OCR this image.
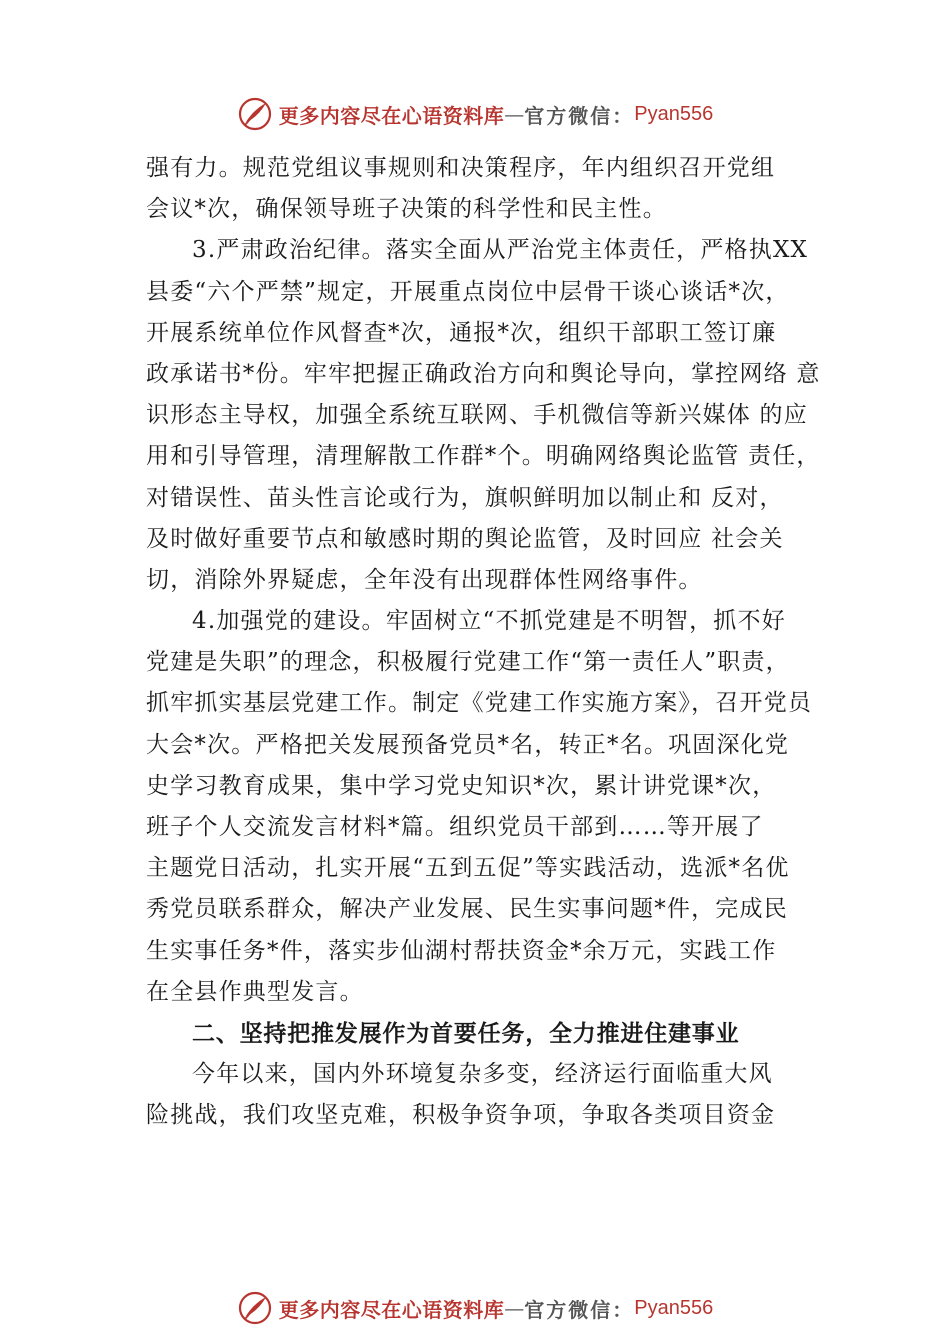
更多内容尽在心语资料库 — 官方微信： Pyan556
强有力。规范党组议事规则和决策程序，年内组织召开党组
会议*次，确保领导班子决策的科学性和民主性。
3.严肃政治纪律。落实全面从严治党主体责任，严格执XX
县委“六个严禁”规定，开展重点岗位中层骨干谈心谈话*次，
开展系统单位作风督查*次，通报*次，组织干部职工签订廉
政承诺书*份。牢牢把握正确政治方向和舆论导向，掌控网络 意
识形态主导权，加强全系统互联网、手机微信等新兴媒体 的应
用和引导管理，清理解散工作群*个。明确网络舆论监管 责任，
对错误性、苗头性言论或行为，旗帜鲜明加以制止和 反对，
及时做好重要节点和敏感时期的舆论监管，及时回应 社会关
切，消除外界疑虑，全年没有出现群体性网络事件。
4.加强党的建设。牢固树立“不抓党建是不明智，抓不好
党建是失职”的理念，积极履行党建工作“第一责任人”职责，
抓牢抓实基层党建工作。制定《党建工作实施方案》，召开党员
大会*次。严格把关发展预备党员*名，转正*名。巩固深化党
史学习教育成果，集中学习党史知识*次，累计讲党课*次，
班子个人交流发言材料*篇。组织党员干部到……等开展了
主题党日活动，扎实开展“五到五促”等实践活动，选派*名优
秀党员联系群众，解决产业发展、民生实事问题*件，完成民
生实事任务*件，落实步仙湖村帮扶资金*余万元，实践工作
在全县作典型发言。
二、坚持把推发展作为首要任务，全力推进住建事业
今年以来，国内外环境复杂多变，经济运行面临重大风
险挑战，我们攻坚克难，积极争资争项，争取各类项目资金
更多内容尽在心语资料库 — 官方微信： Pyan556
